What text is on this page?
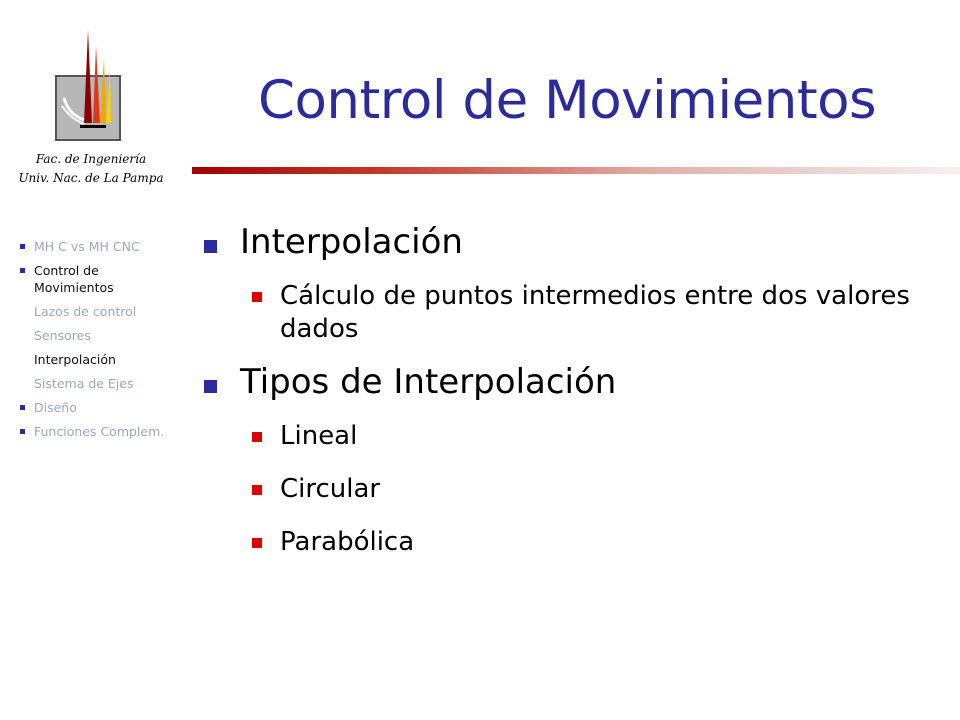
Fac. de Ingeniería
Univ. Nac. de La Pampa
Control de Movimientos
MH C vs MH CNC
Control de Movimientos
Lazos de control
Sensores
Interpolación
Sistema de Ejes
Diseño
Funciones Complem.
Interpolación
Cálculo de puntos intermedios entre dos valores dados
Tipos de Interpolación
Lineal
Circular
Parabólica
